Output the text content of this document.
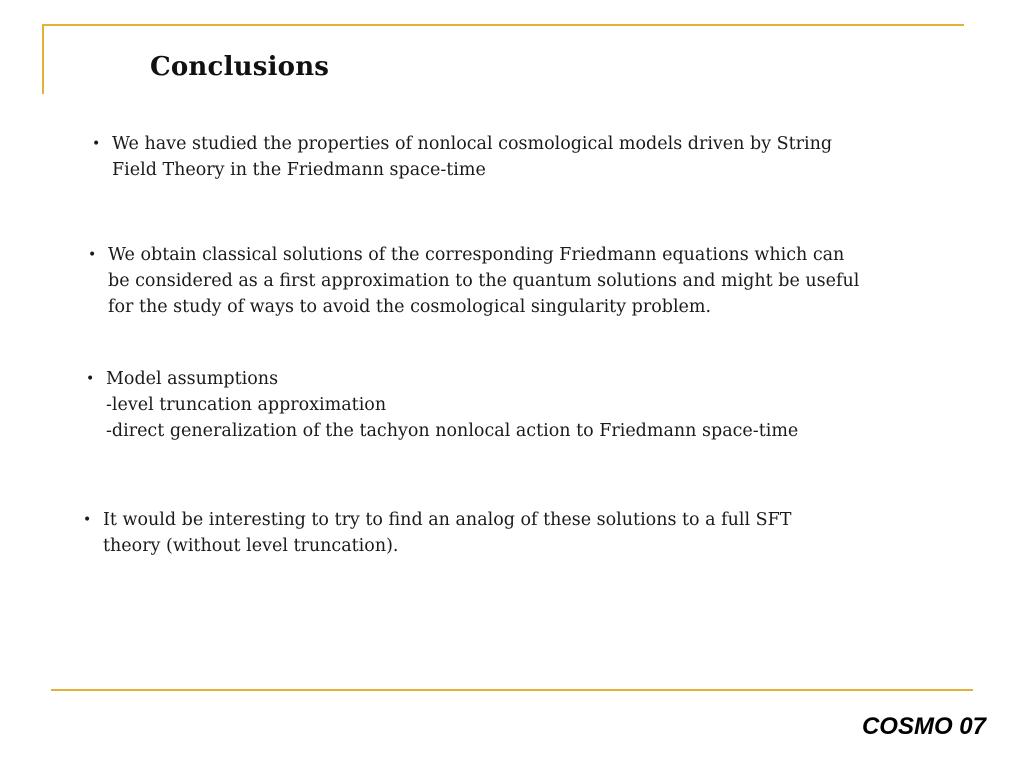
Conclusions
• We have studied the properties of nonlocal cosmological models driven by String
Field Theory in the Friedmann space-time
• We obtain classical solutions of the corresponding Friedmann equations which can
be considered as a first approximation to the quantum solutions and might be useful
for the study of ways to avoid the cosmological singularity problem.
• Model assumptions
-level truncation approximation
-direct generalization of the tachyon nonlocal action to Friedmann space-time
• It would be interesting to try to find an analog of these solutions to a full SFT
theory (without level truncation).
COSMO 07
